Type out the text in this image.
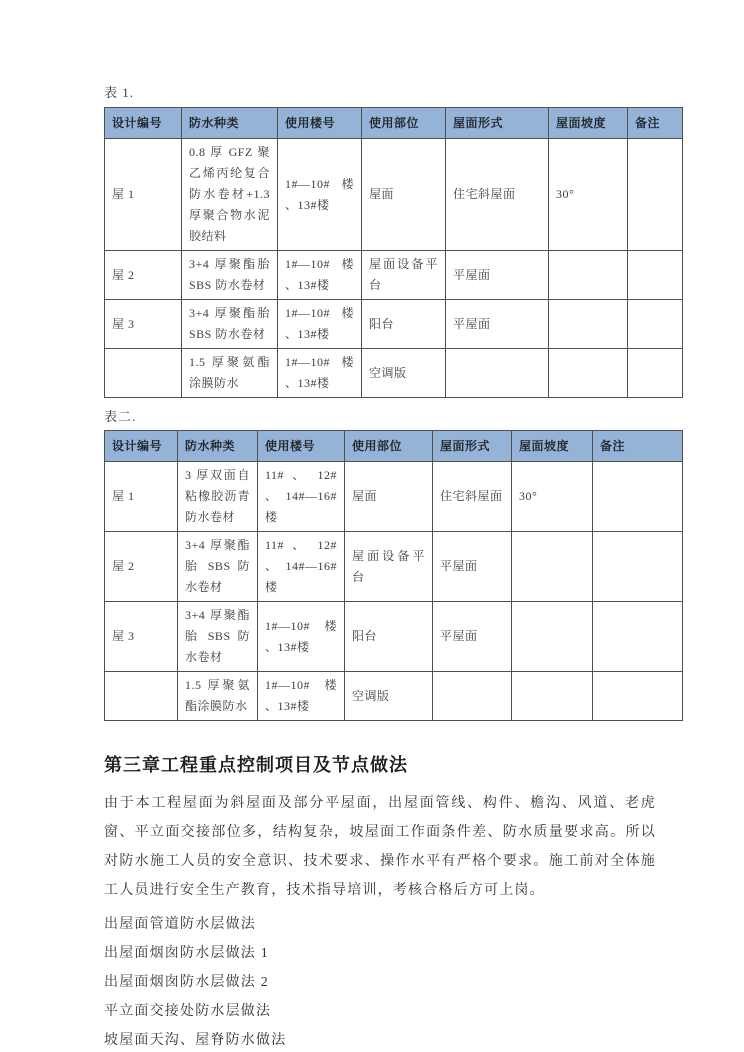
表 1.
设计编号	防水种类	使用楼号	使用部位	屋面形式	屋面坡度	备注
屋 1	0.8 厚 GFZ 聚乙烯丙纶复合防水卷材+1.3 厚聚合物水泥胶结料	1#—10# 楼 、13#楼	屋面	住宅斜屋面	30°	
屋 2	3+4 厚聚酯胎 SBS 防水卷材	1#—10# 楼 、13#楼	屋面设备平台	平屋面		
屋 3	3+4 厚聚酯胎 SBS 防水卷材	1#—10# 楼 、13#楼	阳台	平屋面		
	1.5 厚聚氨酯涂膜防水	1#—10# 楼 、13#楼	空调版			
表二.
设计编号	防水种类	使用楼号	使用部位	屋面形式	屋面坡度	备注
屋 1	3 厚双面自粘橡胶沥青防水卷材	11# 、 12# 、14#—16#楼	屋面	住宅斜屋面	30°	
屋 2	3+4 厚聚酯胎 SBS 防水卷材	11# 、 12# 、14#—16#楼	屋面设备平台	平屋面		
屋 3	3+4 厚聚酯胎 SBS 防水卷材	1#—10# 楼 、13#楼	阳台	平屋面		
	1.5 厚聚氨酯涂膜防水	1#—10# 楼 、13#楼	空调版			
第三章工程重点控制项目及节点做法

由于本工程屋面为斜屋面及部分平屋面，出屋面管线、构件、檐沟、风道、老虎窗、平立面交接部位多，结构复杂，坡屋面工作面条件差、防水质量要求高。所以对防水施工人员的安全意识、技术要求、操作水平有严格个要求。施工前对全体施工人员进行安全生产教育，技术指导培训，考核合格后方可上岗。

出屋面管道防水层做法
出屋面烟囱防水层做法 1
出屋面烟囱防水层做法 2
平立面交接处防水层做法
坡屋面天沟、屋脊防水做法
